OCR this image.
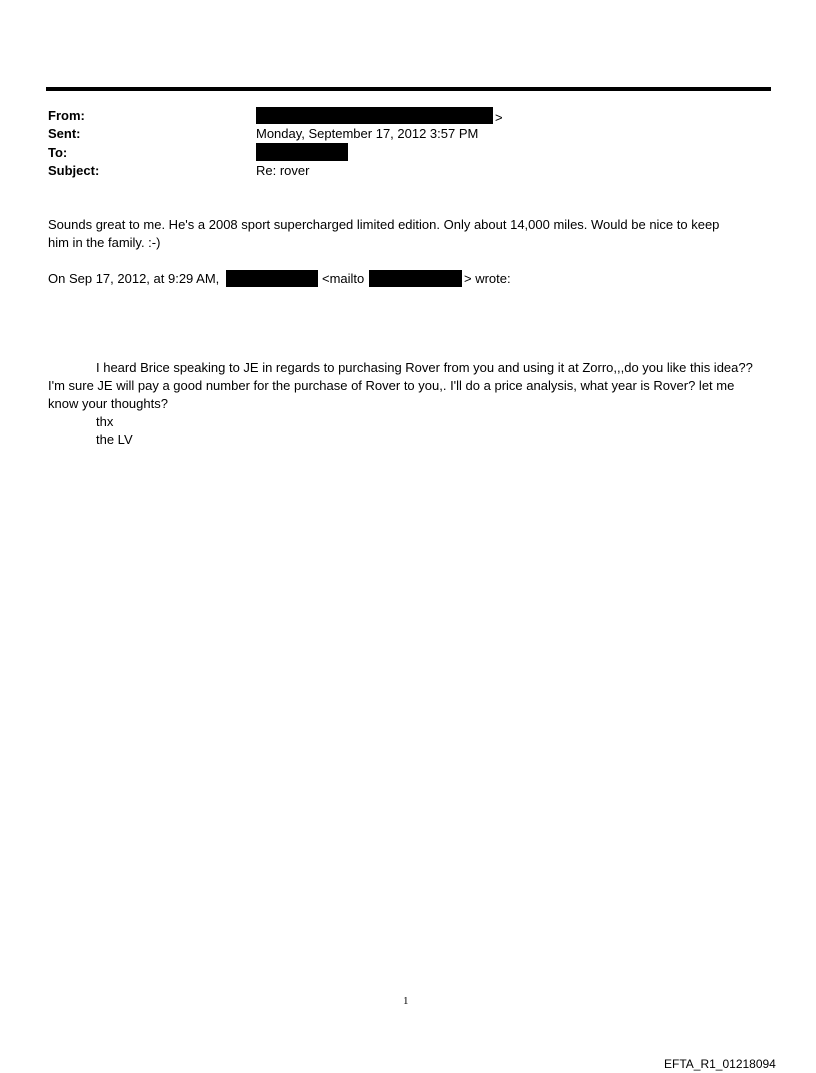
From:	>
Sent:	Monday, September 17, 2012 3:57 PM
To:
Subject:	Re: rover
Sounds great to me. He's a 2008 sport supercharged limited edition. Only about 14,000 miles. Would be nice to keep
him in the family. :-)
On Sep 17, 2012, at 9:29 AM,	<mailto	> wrote:
I heard Brice speaking to JE in regards to purchasing Rover from you and using it at Zorro,,,do you like this idea??
I'm sure JE will pay a good number for the purchase of Rover to you,. I'll do a price analysis, what year is Rover? let me
know your thoughts?
thx
the LV
1
EFTA_R1_01218094
